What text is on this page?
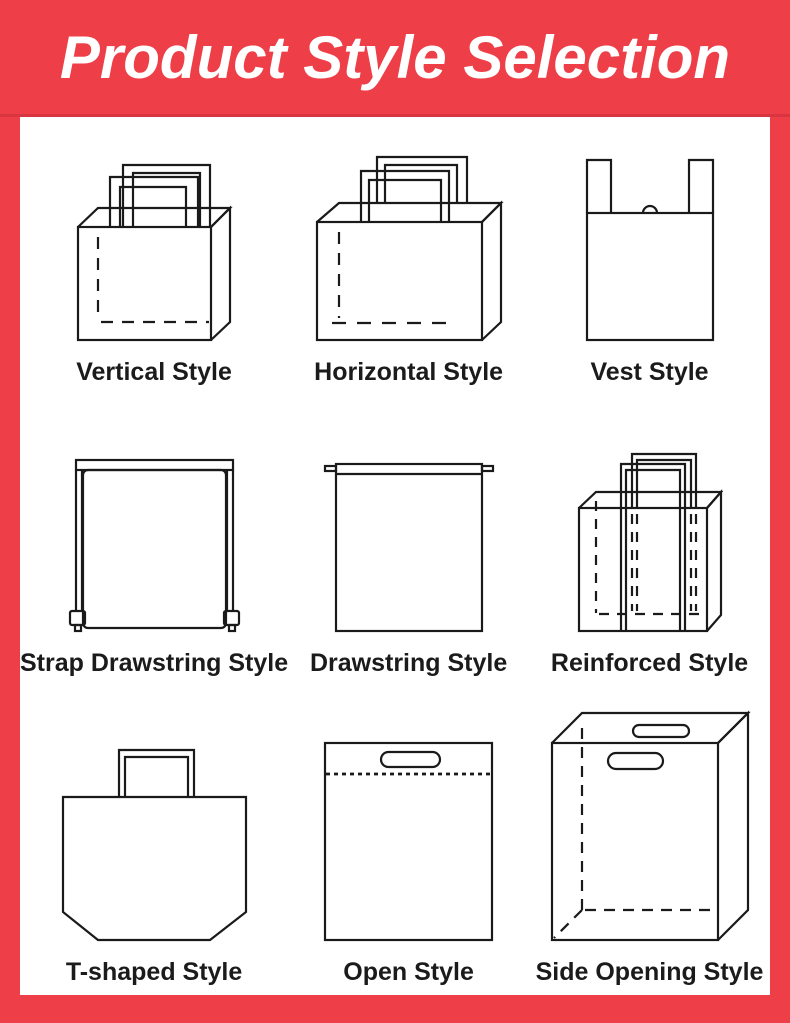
Product Style Selection
Vertical Style	Horizontal Style	Vest Style
Strap Drawstring Style Drawstring Style Reinforced Style
T-shaped Style	Open Style Side Opening Style
